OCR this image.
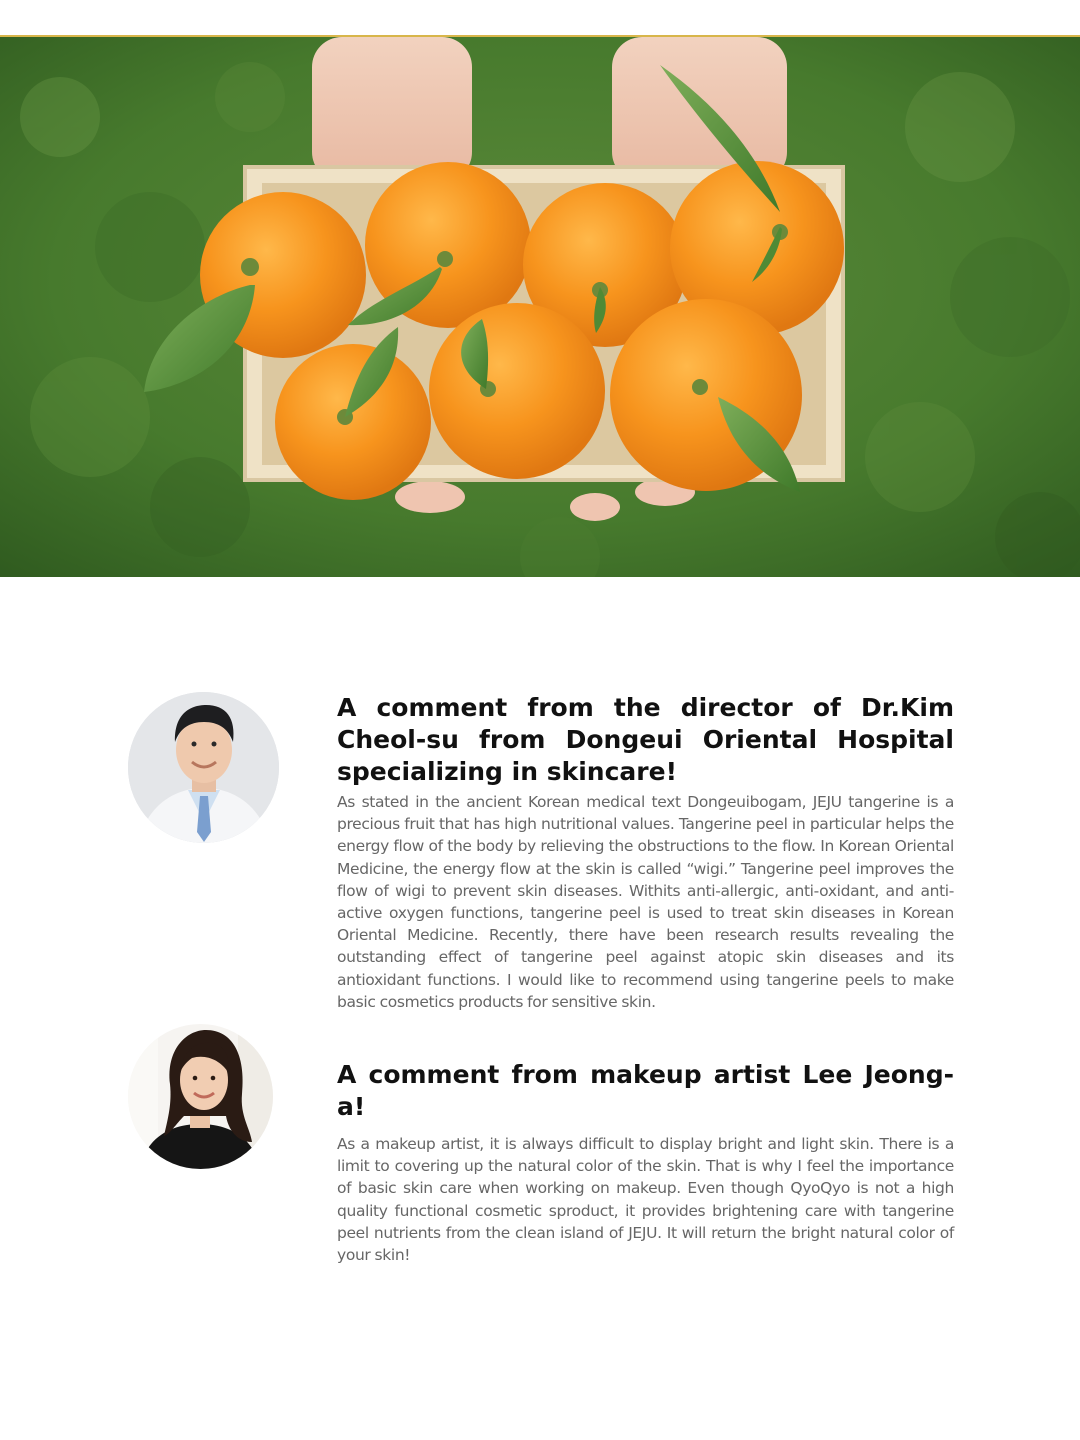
A comment from the director of Dr.Kim Cheol-su from Dongeui Oriental Hospital specializing in skincare!

As stated in the ancient Korean medical text Dongeuibogam, JEJU tangerine is a precious fruit that has high nutritional values. Tangerine peel in particular helps the energy flow of the body by relieving the obstructions to the flow. In Korean Oriental Medicine, the energy flow at the skin is called “wigi.” Tangerine peel improves the flow of wigi to prevent skin diseases. Withits anti-allergic, anti-oxidant, and anti-active oxygen functions, tangerine peel is used to treat skin diseases in Korean Oriental Medicine. Recently, there have been research results revealing the outstanding effect of tangerine peel against atopic skin diseases and its antioxidant functions. I would like to recommend using tangerine peels to make basic cosmetics products for sensitive skin.

A comment from makeup artist Lee Jeong-a!

As a makeup artist, it is always difficult to display bright and light skin. There is a limit to covering up the natural color of the skin. That is why I feel the importance of basic skin care when working on makeup. Even though QyoQyo is not a high quality functional cosmetic sproduct, it provides brightening care with tangerine peel nutrients from the clean island of JEJU. It will return the bright natural color of your skin!
